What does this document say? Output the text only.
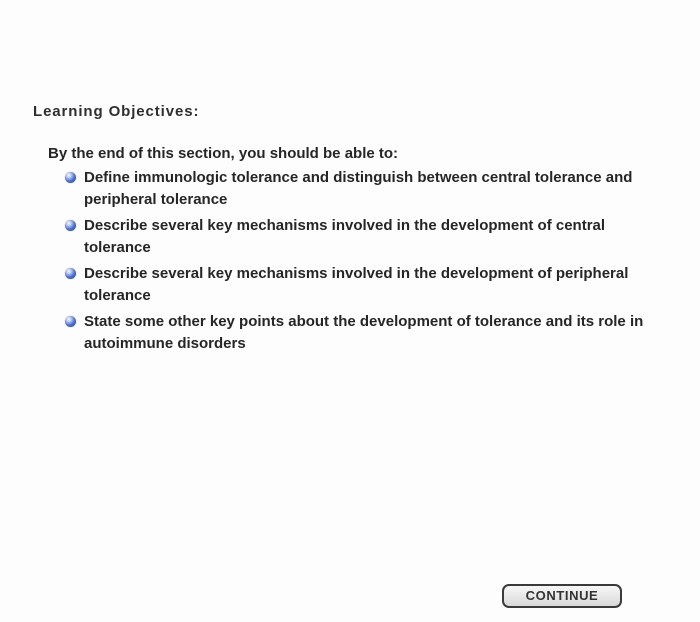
Learning Objectives:
By the end of this section, you should be able to:
Define immunologic tolerance and distinguish between central tolerance and peripheral tolerance
Describe several key mechanisms involved in the development of central tolerance
Describe several key mechanisms involved in the development of peripheral tolerance
State some other key points about the development of tolerance and its role in autoimmune disorders
CONTINUE
